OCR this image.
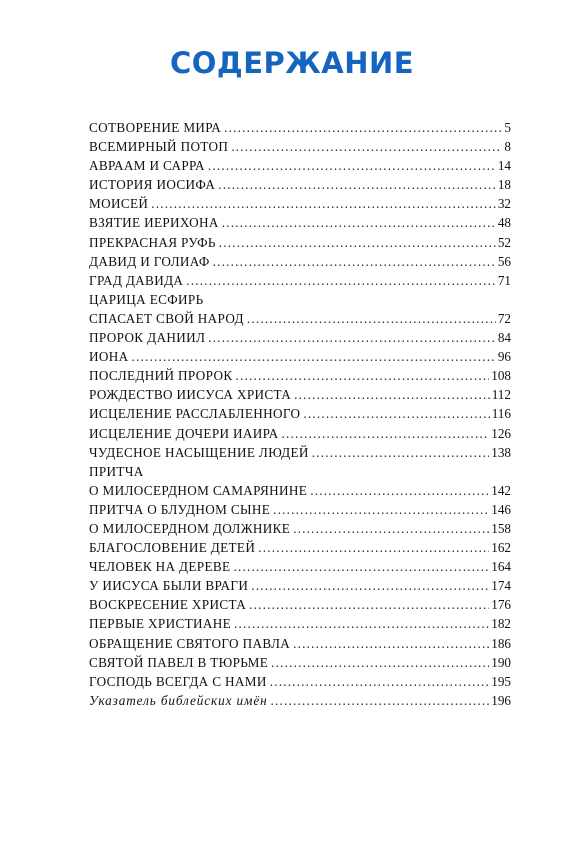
СОДЕРЖАНИЕ
СОТВОРЕНИЕ МИРА .....	5
ВСЕМИРНЫЙ ПОТОП .....	8
АВРААМ И САРРА .....	14
ИСТОРИЯ ИОСИФА .....	18
МОИСЕЙ .....	32
ВЗЯТИЕ ИЕРИХОНА .....	48
ПРЕКРАСНАЯ РУФЬ .....	52
ДАВИД И ГОЛИАФ .....	56
ГРАД ДАВИДА .....	71
ЦАРИЦА ЕСФИРЬ
СПАСАЕТ СВОЙ НАРОД .....	72
ПРОРОК ДАНИИЛ .....	84
ИОНА .....	96
ПОСЛЕДНИЙ ПРОРОК .....	108
РОЖДЕСТВО ИИСУСА ХРИСТА .....	112
ИСЦЕЛЕНИЕ РАССЛАБЛЕННОГО .....	116
ИСЦЕЛЕНИЕ ДОЧЕРИ ИАИРА .....	126
ЧУДЕСНОЕ НАСЫЩЕНИЕ ЛЮДЕЙ .....	138
ПРИТЧА
О МИЛОСЕРДНОМ САМАРЯНИНЕ .....	142
ПРИТЧА О БЛУДНОМ СЫНЕ .....	146
О МИЛОСЕРДНОМ ДОЛЖНИКЕ .....	158
БЛАГОСЛОВЕНИЕ ДЕТЕЙ .....	162
ЧЕЛОВЕК НА ДЕРЕВЕ .....	164
У ИИСУСА БЫЛИ ВРАГИ .....	174
ВОСКРЕСЕНИЕ ХРИСТА .....	176
ПЕРВЫЕ ХРИСТИАНЕ .....	182
ОБРАЩЕНИЕ СВЯТОГО ПАВЛА .....	186
СВЯТОЙ ПАВЕЛ В ТЮРЬМЕ .....	190
ГОСПОДЬ ВСЕГДА С НАМИ .....	195
Указатель библейских имён .....	196
